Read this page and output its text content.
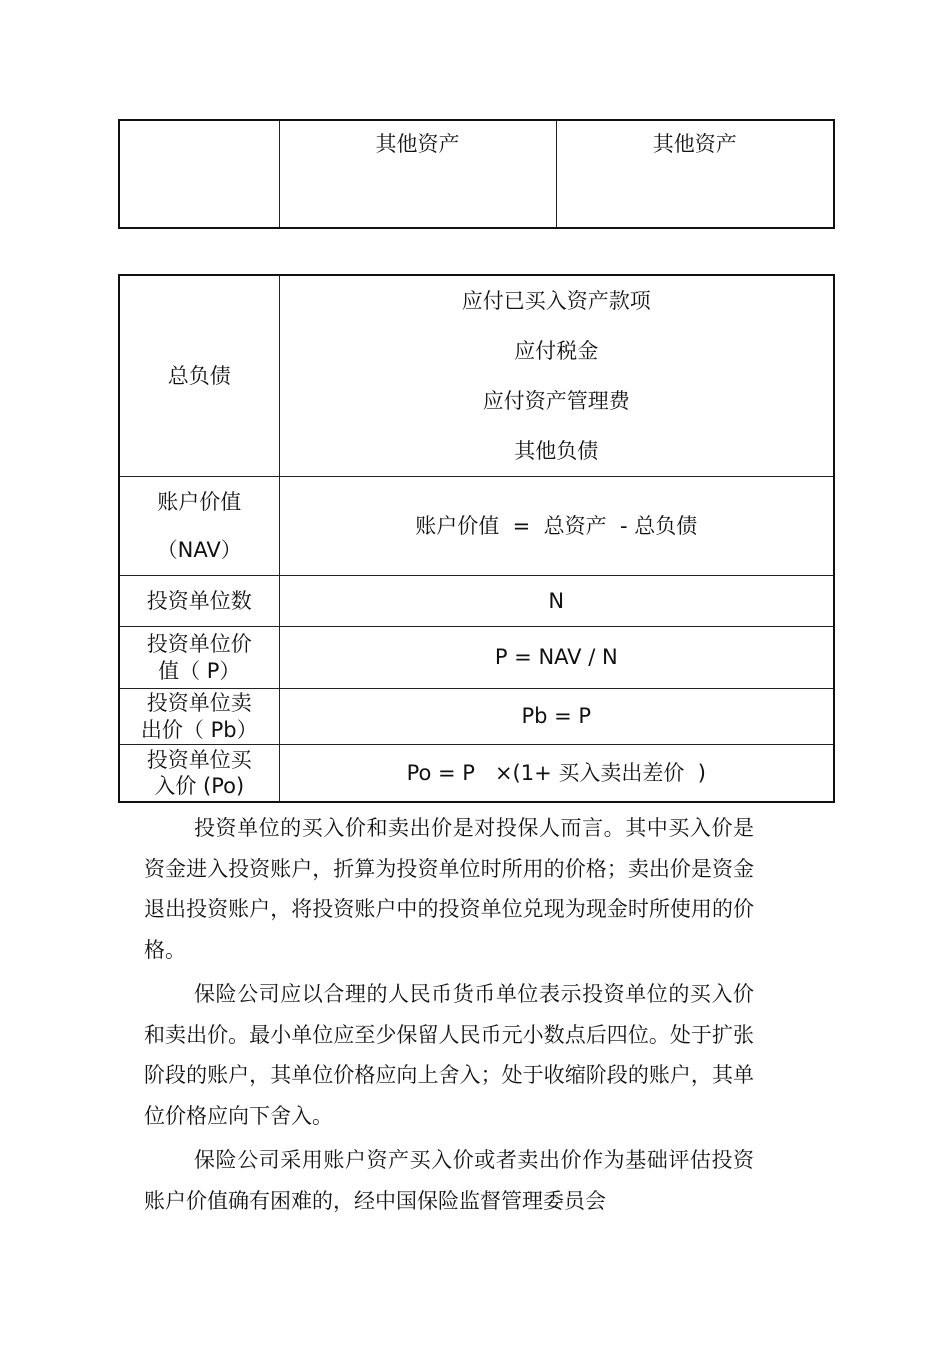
	其他资产	其他资产
总负债	应付已买入资产款项
应付税金
应付资产管理费
其他负债

账户价值
（NAV）	账户价值  =  总资产  - 总负债
投资单位数	N

投资单位价
值（ P）	P = NAV / N

投资单位卖
出价（ Pb）	Pb = P

投资单位买
入价 (Po)	Po = P   ×(1+ 买入卖出差价  )

投资单位的买入价和卖出价是对投保人而言。其中买入价是资金进入投资账户，折算为投资单位时所用的价格；卖出价是资金退出投资账户，将投资账户中的投资单位兑现为现金时所使用的价格。

保险公司应以合理的人民币货币单位表示投资单位的买入价和卖出价。最小单位应至少保留人民币元小数点后四位。处于扩张阶段的账户，其单位价格应向上舍入；处于收缩阶段的账户，其单位价格应向下舍入。

保险公司采用账户资产买入价或者卖出价作为基础评估投资账户价值确有困难的，经中国保险监督管理委员会
